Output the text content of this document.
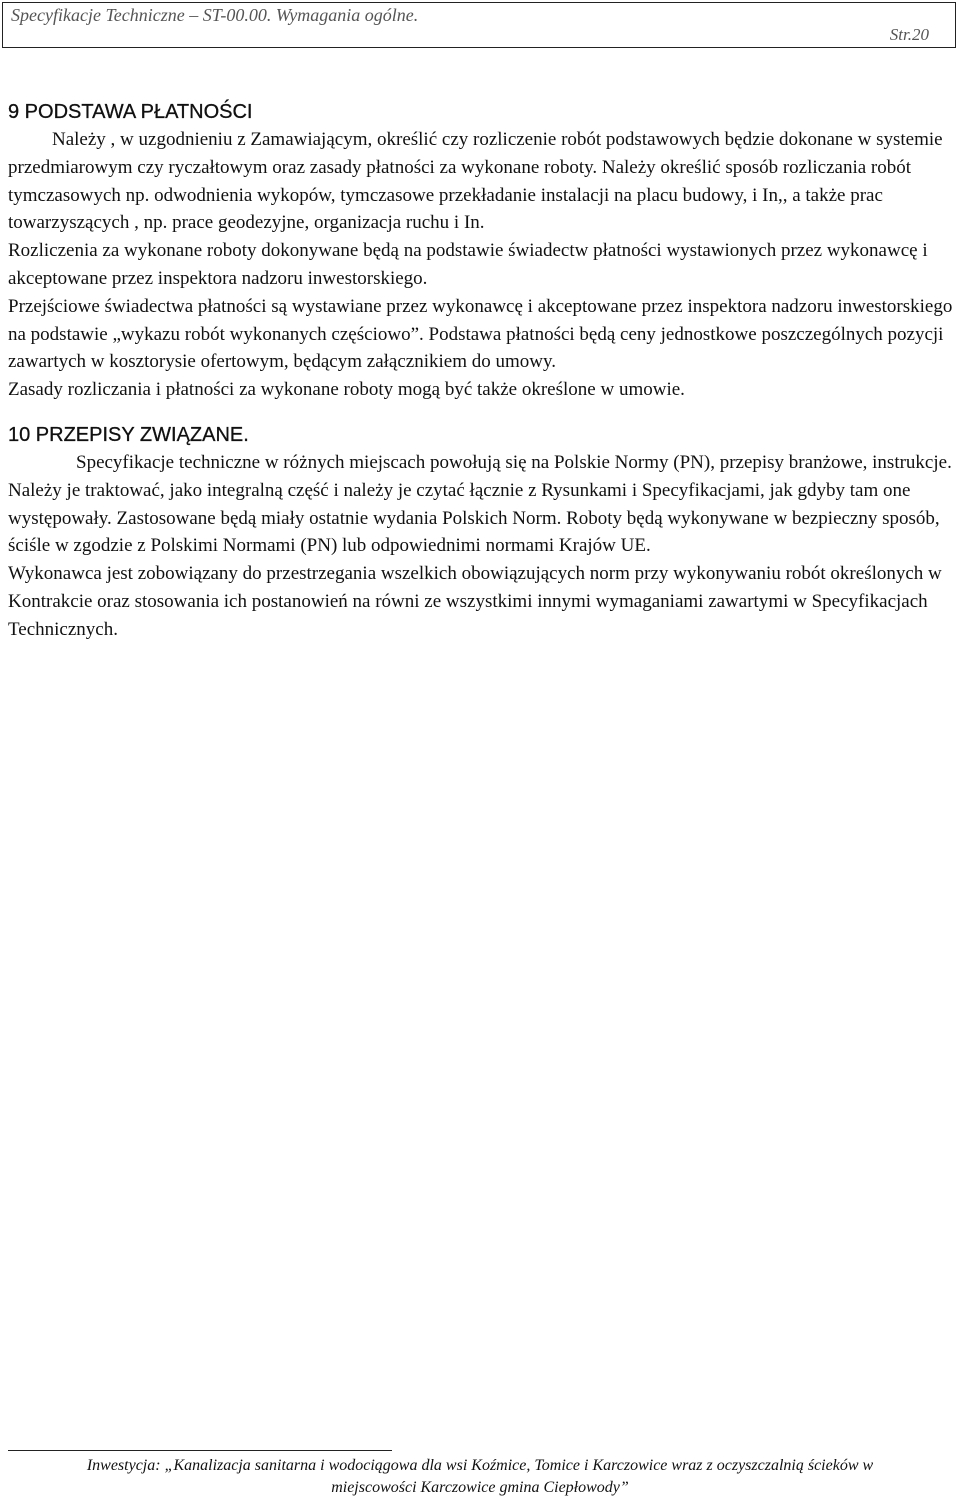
Specyfikacje Techniczne – ST-00.00. Wymagania ogólne.
Str.20
9 PODSTAWA PŁATNOŚCI

Należy , w uzgodnieniu z Zamawiającym, określić czy rozliczenie robót podstawowych będzie dokonane w systemie przedmiarowym czy ryczałtowym oraz zasady płatności za wykonane roboty. Należy określić sposób rozliczania robót tymczasowych np. odwodnienia wykopów, tymczasowe przekładanie instalacji na placu budowy, i In,, a także prac towarzyszących , np. prace geodezyjne, organizacja ruchu i In.

Rozliczenia za wykonane roboty dokonywane będą na podstawie świadectw płatności wystawionych przez wykonawcę i akceptowane przez inspektora nadzoru inwestorskiego.

Przejściowe świadectwa płatności są wystawiane przez wykonawcę i akceptowane przez inspektora nadzoru inwestorskiego na podstawie „wykazu robót wykonanych częściowo”. Podstawa płatności będą ceny jednostkowe poszczególnych pozycji zawartych w kosztorysie ofertowym, będącym załącznikiem do umowy.

Zasady rozliczania i płatności za wykonane roboty mogą być także określone w umowie.

10 PRZEPISY ZWIĄZANE.

Specyfikacje techniczne w różnych miejscach powołują się na Polskie Normy (PN), przepisy branżowe, instrukcje. Należy je traktować, jako integralną część i należy je czytać łącznie z Rysunkami i Specyfikacjami, jak gdyby tam one występowały. Zastosowane będą miały ostatnie wydania Polskich Norm. Roboty będą wykonywane w bezpieczny sposób, ściśle w zgodzie z Polskimi Normami (PN) lub odpowiednimi normami Krajów UE.

Wykonawca jest zobowiązany do przestrzegania wszelkich obowiązujących norm przy wykonywaniu robót określonych w Kontrakcie oraz stosowania ich postanowień na równi ze wszystkimi innymi wymaganiami zawartymi w Specyfikacjach Technicznych.

Inwestycja: „Kanalizacja sanitarna i wodociągowa dla wsi Koźmice, Tomice i Karczowice wraz z oczyszczalnią ścieków w
miejscowości Karczowice gmina Ciepłowody”
